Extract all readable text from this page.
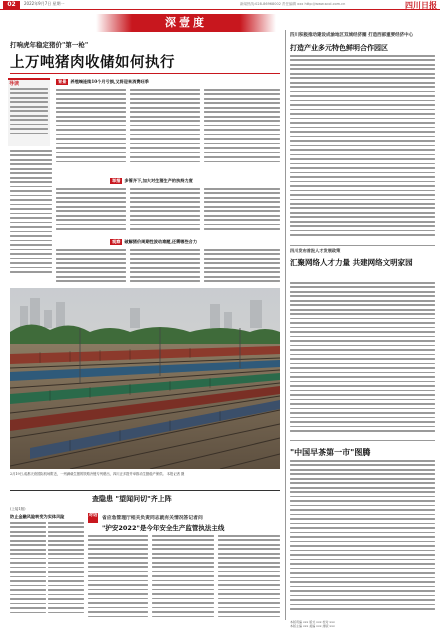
02	2022年9月7日 星期一	新闻热线:028-86968002 责任编辑 xxx http://www.scol.com.cn	四川日报
深壹度
打响虎年稳定猪价"第一枪"
上万吨猪肉收储如何执行
导读	背景 养殖端连续10个月亏损,又将迎来消费旺季
举措 多管齐下,加大对生猪生产的扶持力度
观察 破解猪价周期性波动难题,还需哪些合力
2月19日,成都天府国际机场附近，一列满载生猪的铁路冷链专列驶出，四川正多措并举推动生猪稳产保供。 本报记者 摄
四川积极推动建设成渝地区双城经济圈 打造西部重要经济中心
打造产业多元特色鲜明合作园区
四川发布首批人才发展政策
汇聚网络人才力量 共建网络文明家园
"中国早茶第一市"图腾
查隐患 "望闻问切"齐上阵
(上接1版)
防止金融风险转变为实体风险	对话 省应急管理厅相关负责同志就有关情况答记者问
"护安2022"是今年安全生产监管执法主线
本版责编 xxx 版式 xxx 校对 xxx
本版主编 xxx 美编 xxx 排版 xxx
